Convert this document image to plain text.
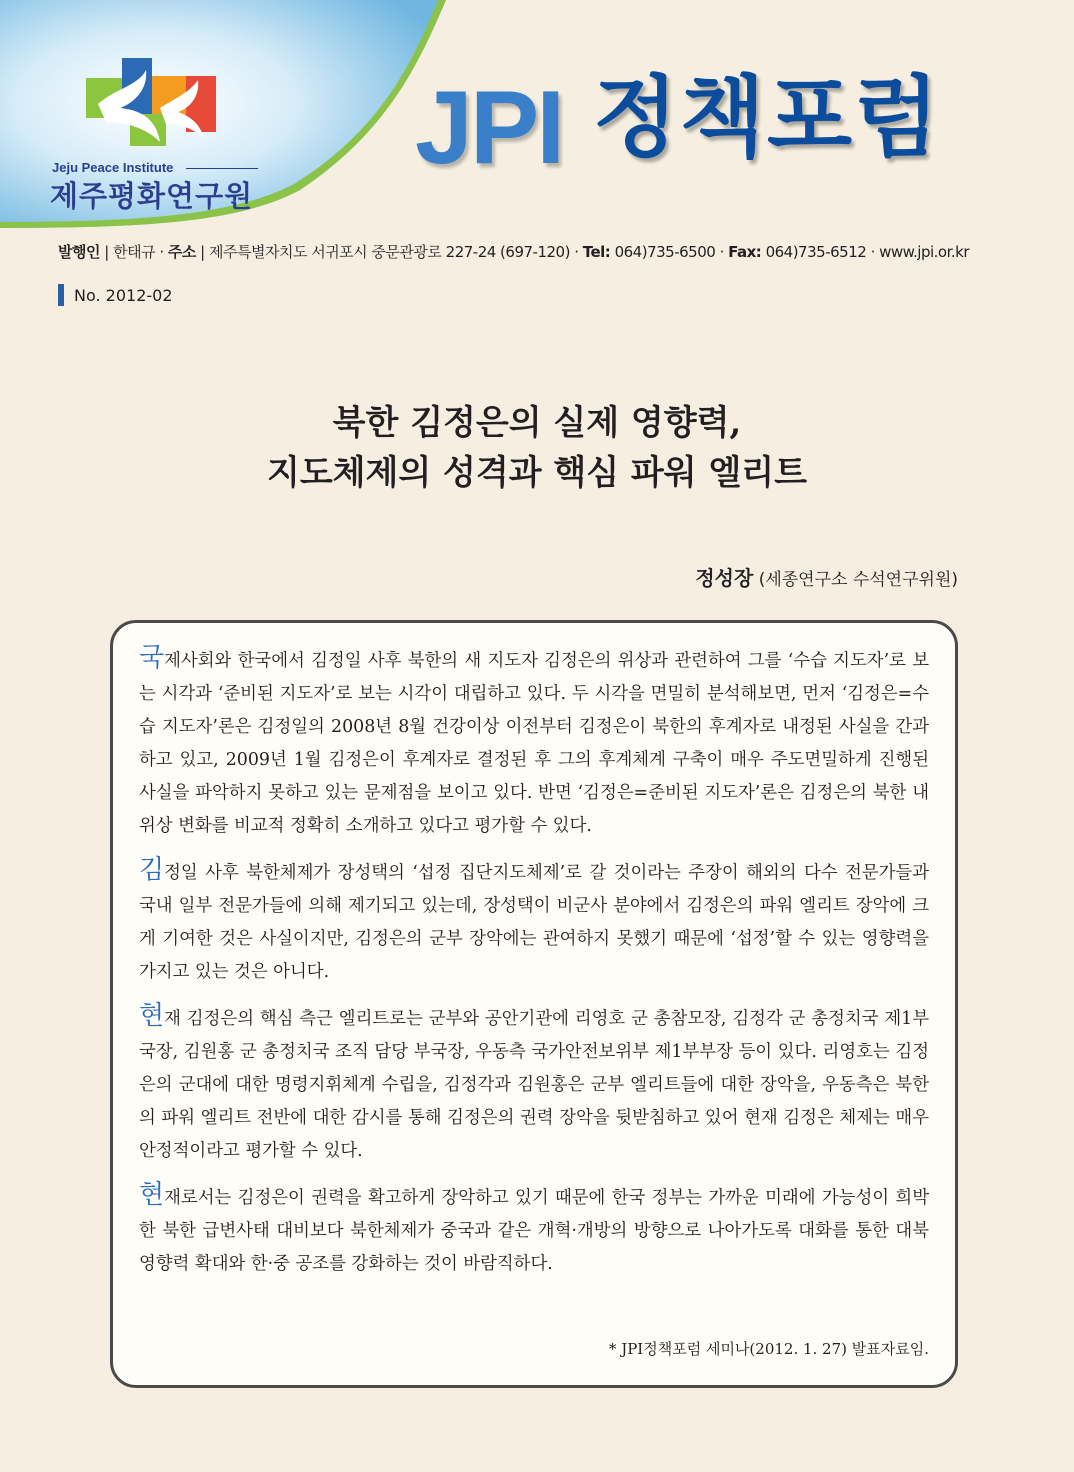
Jeju Peace Institute
제주평화연구원
JPI 정책포럼
발행인 | 한태규 · 주소 | 제주특별자치도 서귀포시 중문관광로 227-24 (697-120) · Tel: 064)735-6500 · Fax: 064)735-6512 · www.jpi.or.kr
No. 2012-02
북한 김정은의 실제 영향력,
지도체제의 성격과 핵심 파워 엘리트
정성장 (세종연구소 수석연구위원)

국제사회와 한국에서 김정일 사후 북한의 새 지도자 김정은의 위상과 관련하여 그를 ‘수습 지도자’로 보는 시각과 ‘준비된 지도자’로 보는 시각이 대립하고 있다. 두 시각을 면밀히 분석해보면, 먼저 ‘김정은=수습 지도자’론은 김정일의 2008년 8월 건강이상 이전부터 김정은이 북한의 후계자로 내정된 사실을 간과하고 있고, 2009년 1월 김정은이 후계자로 결정된 후 그의 후계체계 구축이 매우 주도면밀하게 진행된 사실을 파악하지 못하고 있는 문제점을 보이고 있다. 반면 ‘김정은=준비된 지도자’론은 김정은의 북한 내 위상 변화를 비교적 정확히 소개하고 있다고 평가할 수 있다.

김정일 사후 북한체제가 장성택의 ‘섭정 집단지도체제’로 갈 것이라는 주장이 해외의 다수 전문가들과 국내 일부 전문가들에 의해 제기되고 있는데, 장성택이 비군사 분야에서 김정은의 파워 엘리트 장악에 크게 기여한 것은 사실이지만, 김정은의 군부 장악에는 관여하지 못했기 때문에 ‘섭정’할 수 있는 영향력을 가지고 있는 것은 아니다.

현재 김정은의 핵심 측근 엘리트로는 군부와 공안기관에 리영호 군 총참모장, 김정각 군 총정치국 제1부국장, 김원홍 군 총정치국 조직 담당 부국장, 우동측 국가안전보위부 제1부부장 등이 있다. 리영호는 김정은의 군대에 대한 명령지휘체계 수립을, 김정각과 김원홍은 군부 엘리트들에 대한 장악을, 우동측은 북한의 파워 엘리트 전반에 대한 감시를 통해 김정은의 권력 장악을 뒷받침하고 있어 현재 김정은 체제는 매우 안정적이라고 평가할 수 있다.

현재로서는 김정은이 권력을 확고하게 장악하고 있기 때문에 한국 정부는 가까운 미래에 가능성이 희박한 북한 급변사태 대비보다 북한체제가 중국과 같은 개혁·개방의 방향으로 나아가도록 대화를 통한 대북 영향력 확대와 한·중 공조를 강화하는 것이 바람직하다.

* JPI정책포럼 세미나(2012. 1. 27) 발표자료임.
